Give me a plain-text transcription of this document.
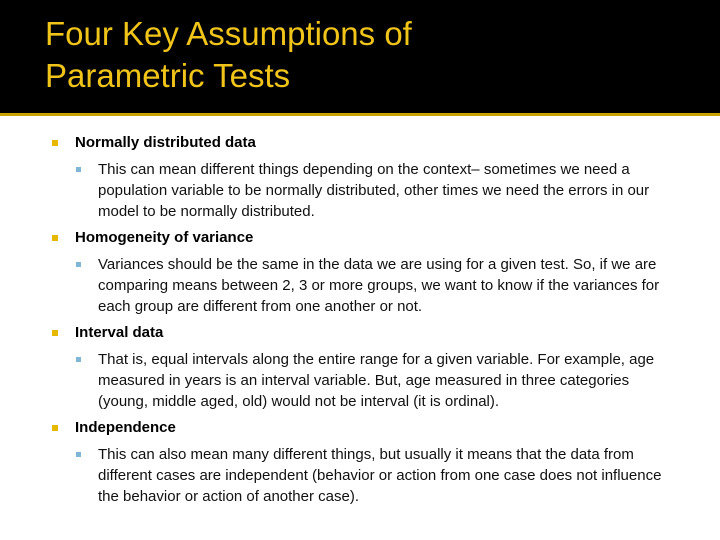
Four Key Assumptions of
Parametric Tests
Normally distributed data
This can mean different things depending on the context– sometimes we need a population variable to be normally distributed, other times we need the errors in our model to be normally distributed.
Homogeneity of variance
Variances should be the same in the data we are using for a given test. So, if we are comparing means between 2, 3 or more groups, we want to know if the variances for each group are different from one another or not.
Interval data
That is, equal intervals along the entire range for a given variable. For example, age measured in years is an interval variable. But, age measured in three categories (young, middle aged, old) would not be interval (it is ordinal).
Independence
This can also mean many different things, but usually it means that the data from different cases are independent (behavior or action from one case does not influence the behavior or action of another case).
